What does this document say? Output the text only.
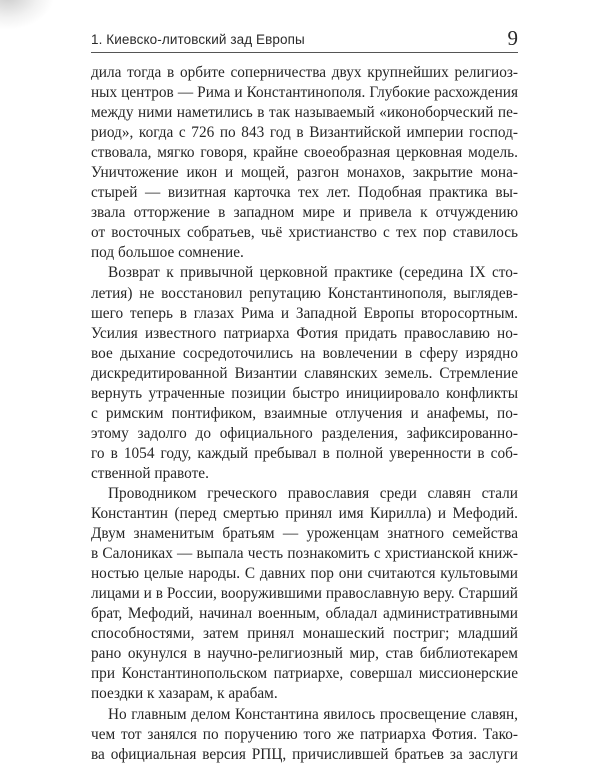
1. Киевско-литовский зад Европы	9
дила тогда в орбите соперничества двух крупнейших религиоз-
ных центров — Рима и Константинополя. Глубокие расхождения
между ними наметились в так называемый «иконоборческий пе-
риод», когда с 726 по 843 год в Византийской империи господ-
ствовала, мягко говоря, крайне своеобразная церковная модель.
Уничтожение икон и мощей, разгон монахов, закрытие мона-
стырей — визитная карточка тех лет. Подобная практика вы-
звала отторжение в западном мире и привела к отчуждению
от восточных собратьев, чьё христианство с тех пор ставилось
под большое сомнение.
Возврат к привычной церковной практике (середина IX сто-
летия) не восстановил репутацию Константинополя, выглядев-
шего теперь в глазах Рима и Западной Европы второсортным.
Усилия известного патриарха Фотия придать православию но-
вое дыхание сосредоточились на вовлечении в сферу изрядно
дискредитированной Византии славянских земель. Стремление
вернуть утраченные позиции быстро инициировало конфликты
с римским понтификом, взаимные отлучения и анафемы, по-
этому задолго до официального разделения, зафиксированно-
го в 1054 году, каждый пребывал в полной уверенности в соб-
ственной правоте.
Проводником греческого православия среди славян стали
Константин (перед смертью принял имя Кирилла) и Мефодий.
Двум знаменитым братьям — уроженцам знатного семейства
в Салониках — выпала честь познакомить с христианской книж-
ностью целые народы. С давних пор они считаются культовыми
лицами и в России, вооружившими православную веру. Старший
брат, Мефодий, начинал военным, обладал административными
способностями, затем принял монашеский постриг; младший
рано окунулся в научно-религиозный мир, став библиотекарем
при Константинопольском патриархе, совершал миссионерские
поездки к хазарам, к арабам.
Но главным делом Константина явилось просвещение славян,
чем тот занялся по поручению того же патриарха Фотия. Тако-
ва официальная версия РПЦ, причислившей братьев за заслуги
